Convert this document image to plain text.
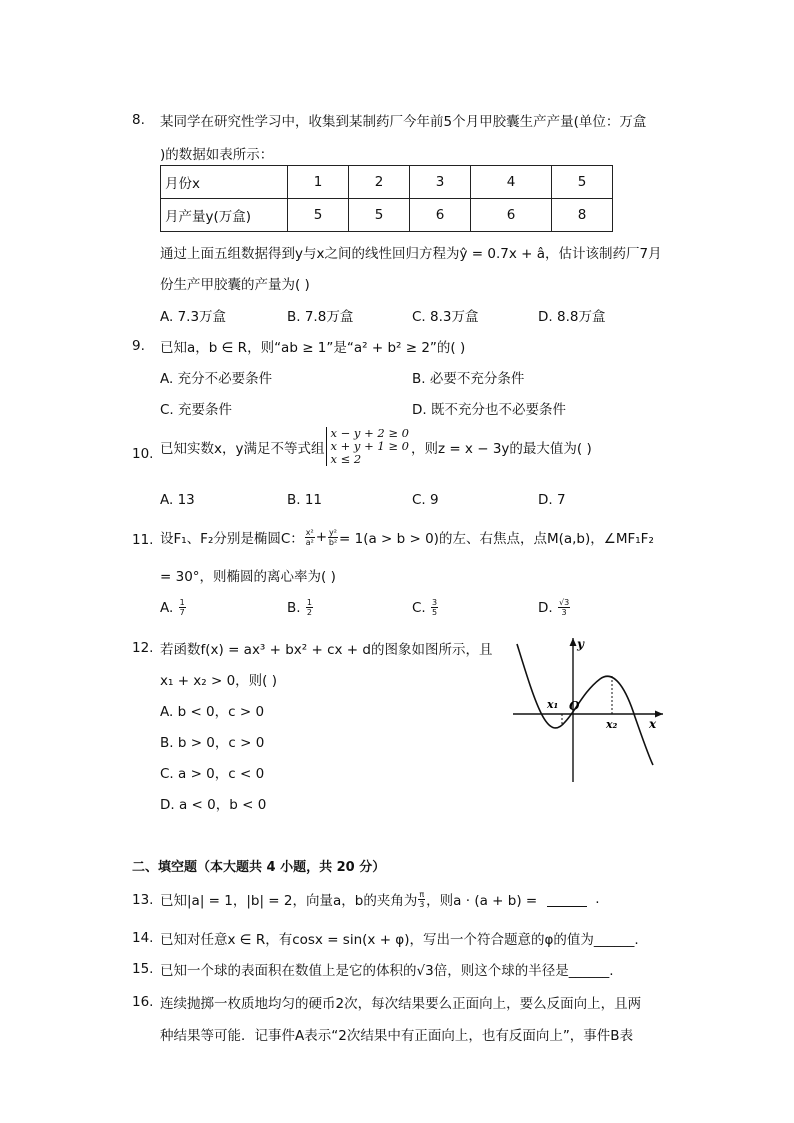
8. 某同学在研究性学习中，收集到某制药厂今年前5个月甲胶囊生产产量(单位：万盒
)的数据如表所示：
月份x	1	2	3	4	5
月产量y(万盒)	5	5	6	6	8
通过上面五组数据得到y与x之间的线性回归方程为ŷ = 0.7x + â，估计该制药厂7月
份生产甲胶囊的产量为( )
A. 7.3万盒	B. 7.8万盒	C. 8.3万盒	D. 8.8万盒
9. 已知a，b ∈ R，则“ab ≥ 1”是“a² + b² ≥ 2”的( )
A. 充分不必要条件	B. 必要不充分条件
C. 充要条件	D. 既不充分也不必要条件
10. 已知实数x，y满足不等式组
x − y + 2 ≥ 0
x + y + 1 ≥ 0
x ≤ 2
，则z = x − 3y的最大值为( )
A. 13	B. 11	C. 9	D. 7
11. 设F₁、F₂分别是椭圆C： $\frac{\text{x²}}{\text{a²}} + \frac{\text{y²}}{\text{b²}} = 1(a > b > 0)$的左、右焦点，点M(a,b)，∠MF₁F₂
= 30°，则椭圆的离心率为( )
A.
$\frac{1}{7}$	B.
$\frac{1}{2}$	C.
$\frac{3}{5}$	D.
$\frac{√3}{3}$
12. 若函数f(x) = ax³ + bx² + cx + d的图象如图所示，且
x₁ + x₂ > 0，则( )
A. b < 0，c > 0
B. b > 0，c > 0
C. a > 0，c < 0
D. a < 0，b < 0
y
x
O
x₁
x₂
二、填空题（本大题共 4 小题，共 20 分）
13. 已知|a| = 1，|b| = 2，向量a，b的夹角为 $\frac{\pi}{3}$ ，则a · (a + b) =	.
14. 已知对任意x ∈ R，有cosx = sin(x + φ)，写出一个符合题意的φ的值为______.
15. 已知一个球的表面积在数值上是它的体积的√3倍，则这个球的半径是______.
16. 连续抛掷一枚质地均匀的硬币2次，每次结果要么正面向上，要么反面向上，且两
种结果等可能．记事件A表示“2次结果中有正面向上，也有反面向上”，事件B表
